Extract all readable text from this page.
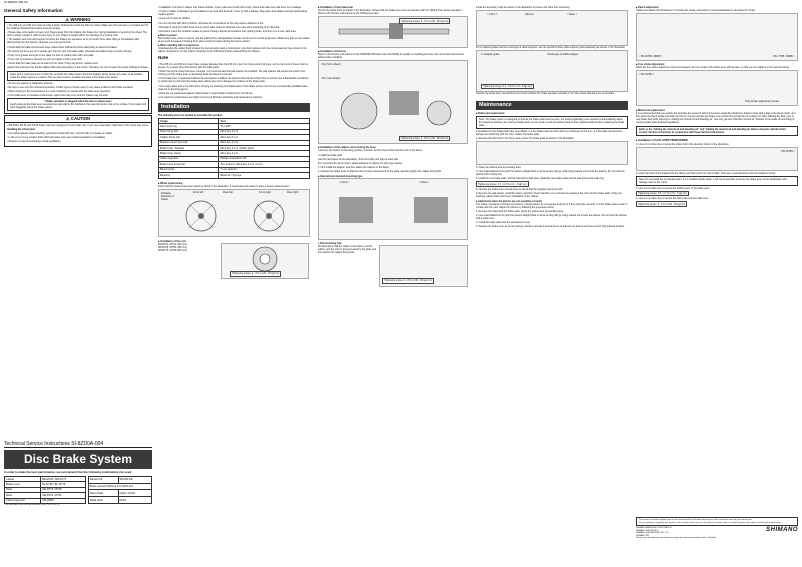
SI-8ZD0A-005-00
General Safety Information
⚠ WARNING

• The 205 mm and 180 mm rotors provide a higher braking force than the 160 mm rotors. Make sure that you have a complete feel for the braking characteristics before using the brakes.

• Please take extra caution to keep your fingers away from the rotating disc brake rotor during installation or servicing the wheel. The rotor is sharp enough to inflict severe injury to your fingers if caught within the openings of a moving rotor.

• The calipers and rotor will become hot when the brakes are operated, so do not touch them while riding or immediately after dismounting from the bicycle, otherwise you may get burned.

• Check that the brake components have cooled down sufficiently before attempting to adjust the brakes.

• Be careful not to let any oil or grease get onto the rotor and brake pads, otherwise the brakes may not work correctly.

• If any oil or grease does get on the pads, be sure to replace them with new pads.

• If the rotor is cracked or warped, be sure to replace it with a new rotor.

• Check that the brake pads are at least 0.5 mm thick; if they are thinner, replace them.

• Each rider's bicycle may handle slightly differently depending on the model. Therefore, be sure to learn the proper braking technique.

Vapor lock is a phenomenon in which the oil inside the brake system becomes heated, which causes any water or air bubbles inside the brake system to expand. This can then result in a sudden increase in the brake lever stroke.

• Do not use organic or hazardous solvents.

• Be sure to use only the mineral oil specified. If other types of oil are used, it may cause problems with brake operation.

• When working in low temperatures or in wet conditions, be careful with the brake lever operation.

• If the brake lever is operated continuously, vapor lock may occur and the brakes may not work.

< Brake operation is sluggish when the lever is depressed >
Gently depress the brake lever several times and wait for the bubbles in the reservoir tank to rise to the surface. If the brakes still work sluggishly, bleed the brake system.
⚠ CAUTION

• SM-RT61, RT-51 and RT-55 brake rotors are designed for resin pads only. If you use metal pads, rapid wear of the rotors may occur.

Handling the wheel parts

• Use safety glasses when handling, and avoid contact with skin. Consult with your dealer or retailer.

• In the event of eye contact, flush with fresh water and seek medical assistance immediately.

• Dispose of used oil according to local regulations.

Technical Service Instructions SI-8ZD0A-004
Disc Brake System

In order to make the best performance, we recommend that the following combinations be used.

Caliper	BR-M765 / BR-M775
Brake Lever	BL-M765 / BL-M775
Rotor	SM-RT75 / RT65
Rotor	SM-RT61 / RT51
Cable Supporter	SM-HM40
Mineral Oil	SM-DB-OIL
Brake pad and Without fins Width fins	
Resin Pads	G01A / G01S
Metal Pads	D01S

• The SM-HM40 is for use with rear pads (M764, M765, M775).

• Installation of oil inlet or caliper may cause bubbles. Cover outlet and mouth with a cap. Check and make sure that there is no leakage.

• If inlet or caliper is damaged, go immediately to an area with fresh air. Cover up with a blanket. Stay warm and stable and seek professional medical advice.

• Keep out of reach of children.

• Do not mix fluid with other products, otherwise the oil container as this may cause explosion or fire.

• Disposal of used oil: Follow local county and/or state codes for disposal. Use care when preparing oil for disposal.

• Directions: Keep the container sealed to prevent foreign objects and moisture from getting inside, and store it in a cool, dark area.

■ Burn in period

Disc brakes have a burn-in period, and the braking force will gradually increase as the burn-in period progresses. Make sure that you are aware of any such increases in braking force when using the brakes during the burn-in period.

■ When standing with a compressor

Understanding the caliper body to lower the internal parts using a compressor; note that moisture from the compressed air may remain in the caliper components. Let the caliper components dry sufficiently before reassembling the calipers.

Note

• The 205 mm and 180 mm rotors have a larger diameter than the 160 mm rotors for cross-country bicycles, and so the bend of these rotors is greater. As a result, they will interfere with the brake pads.

• When the bicycle wheel has been removed, it is recommended that pad spacers be installed. The pad spacers will prevent the piston from coming out if the brake lever is depressed while the wheel is removed.

• If the brake lever is depressed without the pad spacers installed, the pistons will protrude further than is normal. Use a flat-bladed screwdriver or similar tool to push back the brake pads, taking care not to damage the surfaces of the brake pads.

• Use soapy water and a dry cloth when carrying out cleaning and maintenance of the brake system. Do not use commercially available brake cleaners or silencing agents.

• Parts are not guaranteed against natural wear or deterioration resulting from normal use.

• For maximum performance we highly recommend Shimano lubricants and maintenance products.

Installation

The following tools are needed to assemble this product.

Usage	Tool
Rotor lock ring	TL-LR15
Rotor fixing bolt	Allen key 3 mm
Caliper fixing bolt	Allen key 5 mm
Bracket mount type bolt	Allen key 4 mm
Brake hose / Bracket	Allen key 4 mm / Radio pliers
Brake lever clamp	Allen key 4 mm
Cable supporter	Phillips screwdriver #2
Brake hose fixing bolt	Torx wrench / Allen key 4 mm / 2 mm
Bleed nipple	7 mm spanner
Bleeding	Bleed kit / Syringe
■ Wheel spoke facing

Check that the spokes have been laced as shown in the illustration. It could cause the wheel to have a severe spoke tension.

Rotating direction of wheel
Front left	Rear left	Front right	Rear right
■ Installation of the rotor
SM-RT61 / RT51 (160 mm)
SM-RT65 / RT55 (180 mm)
SM-RT75 / RT55 (205 mm)
Tightening torque: 2 - 4 N·m {20 - 40 kgf·cm}
■ Installation of the brake lever

Secure the brake lever as shown in the illustration. (Check that the brake lever does not interfere with the shifting lever during operation.) Refer to the Service Instructions for the shifting lever also.

Tightening torque: 6 - 8 N·m {60 - 80 kgf·cm}
■ Installation of the hose

Refer to the Service Instructions for the SM-BH90-SB brake hose (SI-8JA0A) for details on installing the hose. Do not let the hose become twisted when installing.

<For front wheel>
<For rear wheel>
Tightening torque: 6 - 8 N·m {60 - 80 kgf·cm}
■ Installation of the calipers and securing the hose

• Remove the spacer for bleeding (yellow), and then set the wheel which has the rotor in the frame.

• Install the brake pads.

Get the pad spacer as the illustration. (Front and left), and right to each side.

For conventional mount rovers, attach adapters to calipers for post-type mounts.

1. First install the adapter, and then attach the calipers to the frame.

2. Depress the brake lever so that the rotor is being compressed by the pads, and then tighten the caliper fixing bolts.

■ International standard mounting type
< Front >	< Rear >
● Pad mounting type

Provisionally install the caliper to the frame; pull the caliper, and the rotor is being pressed by the pads, and then tighten the caliper fixing bolts.

Tightening torque: 6 - 8 N·m {60 - 80 kgf·cm}

Install the accessory caps as shown in the illustration to prevent the bolts from loosening.

< Front >	< Rear >
Pad pin

For C-shaped guides and the usual type of cable stoppers, use the special S-hose cable support (sold separately) as shown in the illustration.

C-shaped guide	Usual type of cable stopper
Tightening torque: 0.3 - 0.5 N·m {3 - 5 kgf·cm}

Operate the brake lever several times and check whether the brake operates normally or not. Also check that there are no oil leaks.

Maintenance
■ Brake pad replacement
Note: The brake system is designed so that as the brake pads become worn, the pistons gradually move outward to automatically adjust the clearance between the rotor and brake pads, so you need to push the pistons back to their original positions when replacing the brake pads.

If oil adheres to the brake pads after oil is added, or if the brake pads are worn down to a thickness of 0.5 mm, or if the brake pad pressure springs are interfering with the rotor, replace the brake pads.

1. Remove the wheel from the frame, and remove the brake pads as shown in the illustration.

2. Clean the pistons and surrounding area.

3. Use a flat-bladed tool to push the pistons straight back in as far as they will go, while being careful not to twist the pistons. Do not push the pistons with a sharp tool.

4. Install the new brake pads, and the pad spring (pad axle). Install the new brake pads and the pad spring and snap ring.

Tightening torque: 0.1 - 0.3 N·m {1 - 3 kgf·cm}

5. Operate the brake lever several times to check that the operation becomes stiff.

6. Remove the pad spacer, install the wheel, and then check that there is no interference between the rotor and the brake pads. If they are touching, adjust while referring to 'Installation of the caliper'.

■ Adjustment when the pistons are not operating correctly

The caliper mechanism includes two pistons. If these pistons do not operate properly or if they protrude unevenly, or if the brake pads remain in contact with the rotor, adjust the pistons by following the procedure below.

1. Remove the wheel and the brake pads. Clean the pistons and surrounding area.

2. Use a flat-bladed tool to push the pistons straight back in as far as they will go, being careful not to twist the pistons. Do not push the pistons with a sharp tool.

3. Install the brake pads and the pad spacers (red).

4. Depress the brake lever as far as it will go, and then operate it several times so that the two pistons all move to their fully-pressed position.

■ Reach adjustment

Tighten the adjust bolt (clockwise) to increase the stroke, and loosen it (counterclockwise) to decrease the stroke.

< BL-M765 / M665 >	< BL-7785 / M985 >
■ Free stroke adjustment

When the free stroke adjustment screw is loosened, the free stroke of the brake lever will increase, so that you can adjust it to the desired setting.

< BL-M765 >
Free stroke adjustment screw
■ Mineral oil replacement

It is recommended that you replace the oil inside the reservoir tank if it becomes markedly discolored. Attach a hose with a bag to the bleed nipple, and then open the bleed nipple and drain out the oil. You can operate the brake lever at this time to help the oil to drain out. After draining the fluid, pour in new brake fluid while referring to 'Adding the mineral oil and bleeding air'. Use only genuine Shimano mineral oil. Dispose of the waste oil according to country and/or state disposal regulations.

Refer to the "Adding the mineral oil and bleeding air" and "Adding the mineral oil and bleeding air (when using the cylinder bleed screw)" Service Instructions in conjunction with these Service Instructions.
■ Installation of the BL-M765/7785/M765/M985

1. Use a 2 mm Allen key to screw the clamp bolt in the direction shown in the illustration.

< BL-M765 >

2. Insert the hook of the bracket into the clamp, and then push it in until it clicks. Then use a special tool to push the bracket in firmly.

Note: Do not install the rod upside down. If it is installed upside down, it will not be possible to secure the brake lever to the handlebars, and damage may be the result.

3. Use a 2 mm Allen key to secure the shifting lever to the brake lever.

Tightening torque: 0.5 - 0.7 N·m {5 - 7 kgf·cm}

4. Use a 2 mm Allen key to secure the clamp band of the brake lever.

Tightening torque: 6 - 8 N·m {60 - 80 kgf·cm}
This service instruction explains how to use and maintain the Shimano bicycle parts which have been used on your new bicycle.
For any questions regarding your bicycle or other matters which are not covered in this manual, please consult the place of purchase or the bicycle manufacturer.
SHIMANO AMERICAN CORPORATION
SHIMANO EUROPE B.V.
SHIMANO (SINGAPORE) PTE. LTD.
SHIMANO INC.
SHIMANO
Please note: specifications are subject to change for improvement without notice. (English)
